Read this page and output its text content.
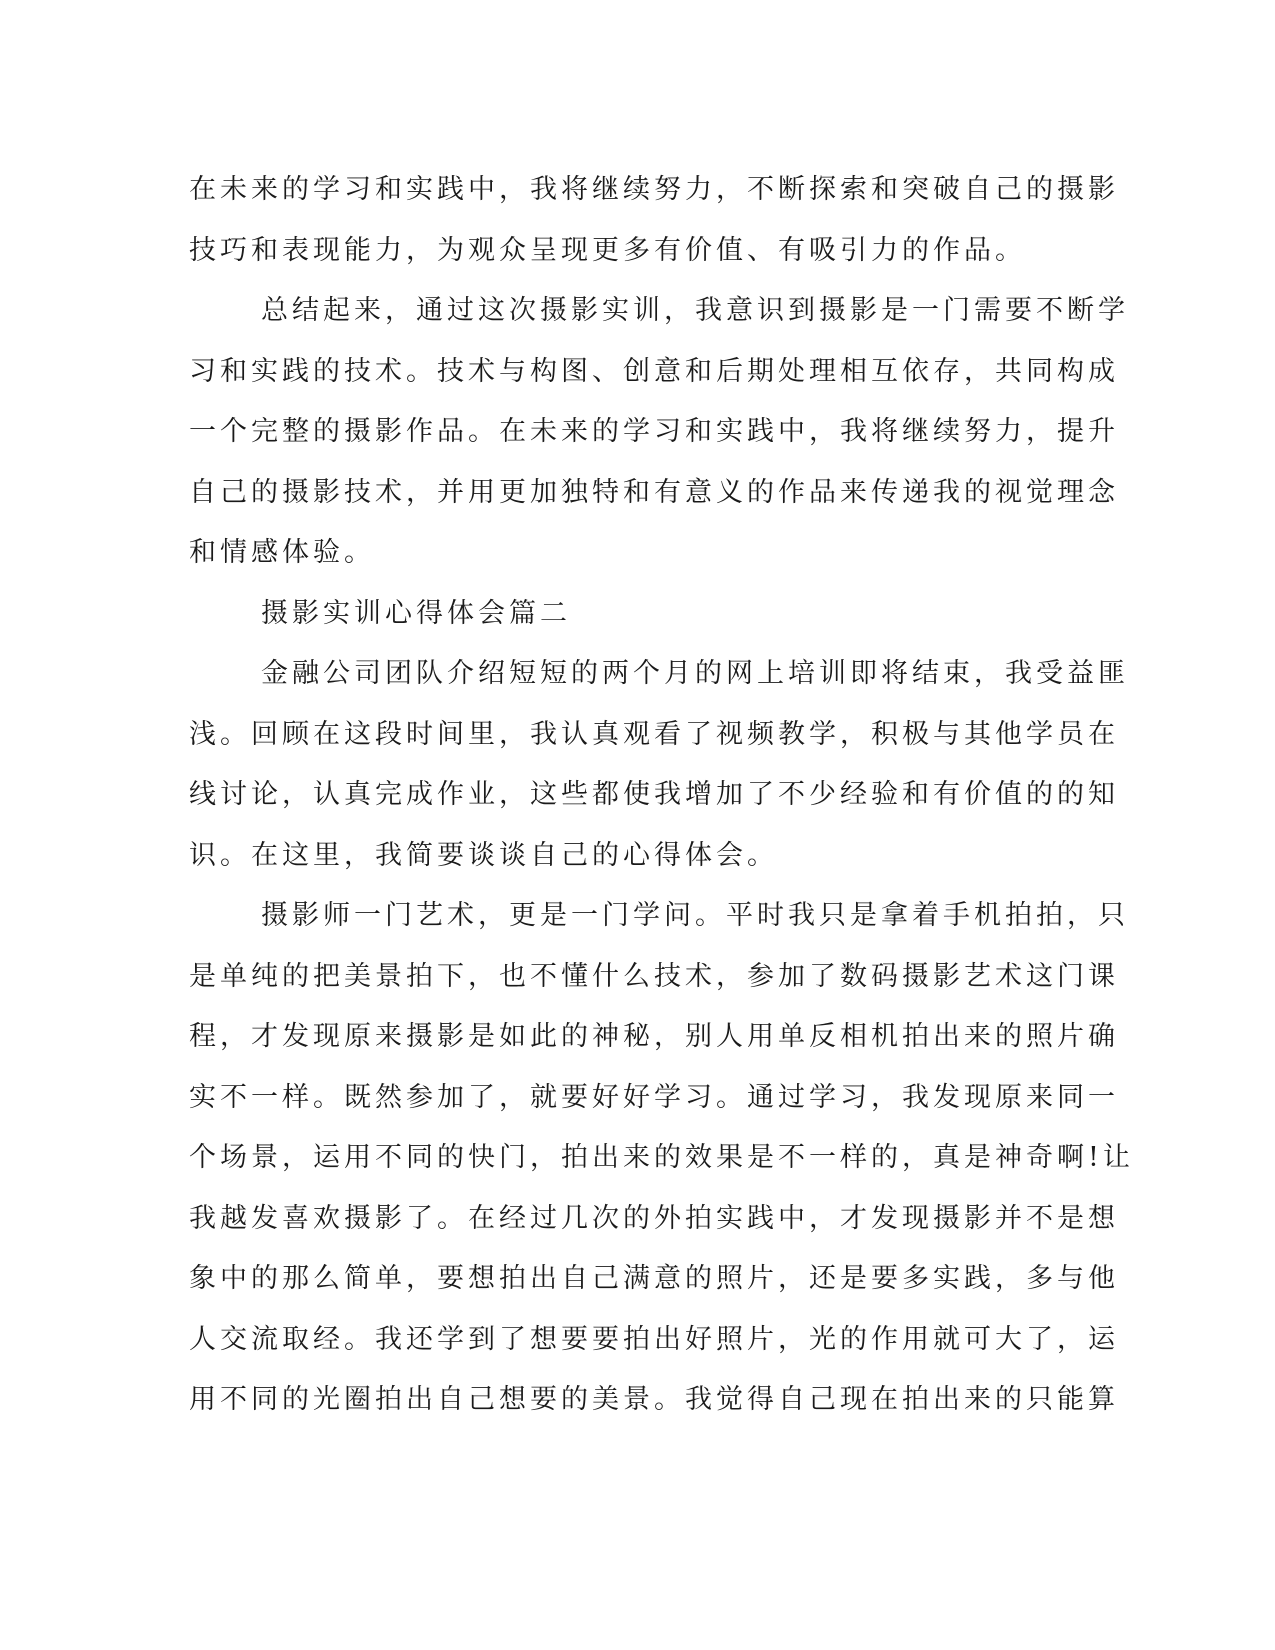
在未来的学习和实践中，我将继续努力，不断探索和突破自己的摄影
技巧和表现能力，为观众呈现更多有价值、有吸引力的作品。
总结起来，通过这次摄影实训，我意识到摄影是一门需要不断学
习和实践的技术。技术与构图、创意和后期处理相互依存，共同构成
一个完整的摄影作品。在未来的学习和实践中，我将继续努力，提升
自己的摄影技术，并用更加独特和有意义的作品来传递我的视觉理念
和情感体验。
摄影实训心得体会篇二
金融公司团队介绍短短的两个月的网上培训即将结束，我受益匪
浅。回顾在这段时间里，我认真观看了视频教学，积极与其他学员在
线讨论，认真完成作业，这些都使我增加了不少经验和有价值的的知
识。在这里，我简要谈谈自己的心得体会。
摄影师一门艺术，更是一门学问。平时我只是拿着手机拍拍，只
是单纯的把美景拍下，也不懂什么技术，参加了数码摄影艺术这门课
程，才发现原来摄影是如此的神秘，别人用单反相机拍出来的照片确
实不一样。既然参加了，就要好好学习。通过学习，我发现原来同一
个场景，运用不同的快门，拍出来的效果是不一样的，真是神奇啊!让
我越发喜欢摄影了。在经过几次的外拍实践中，才发现摄影并不是想
象中的那么简单，要想拍出自己满意的照片，还是要多实践，多与他
人交流取经。我还学到了想要要拍出好照片，光的作用就可大了，运
用不同的光圈拍出自己想要的美景。我觉得自己现在拍出来的只能算
